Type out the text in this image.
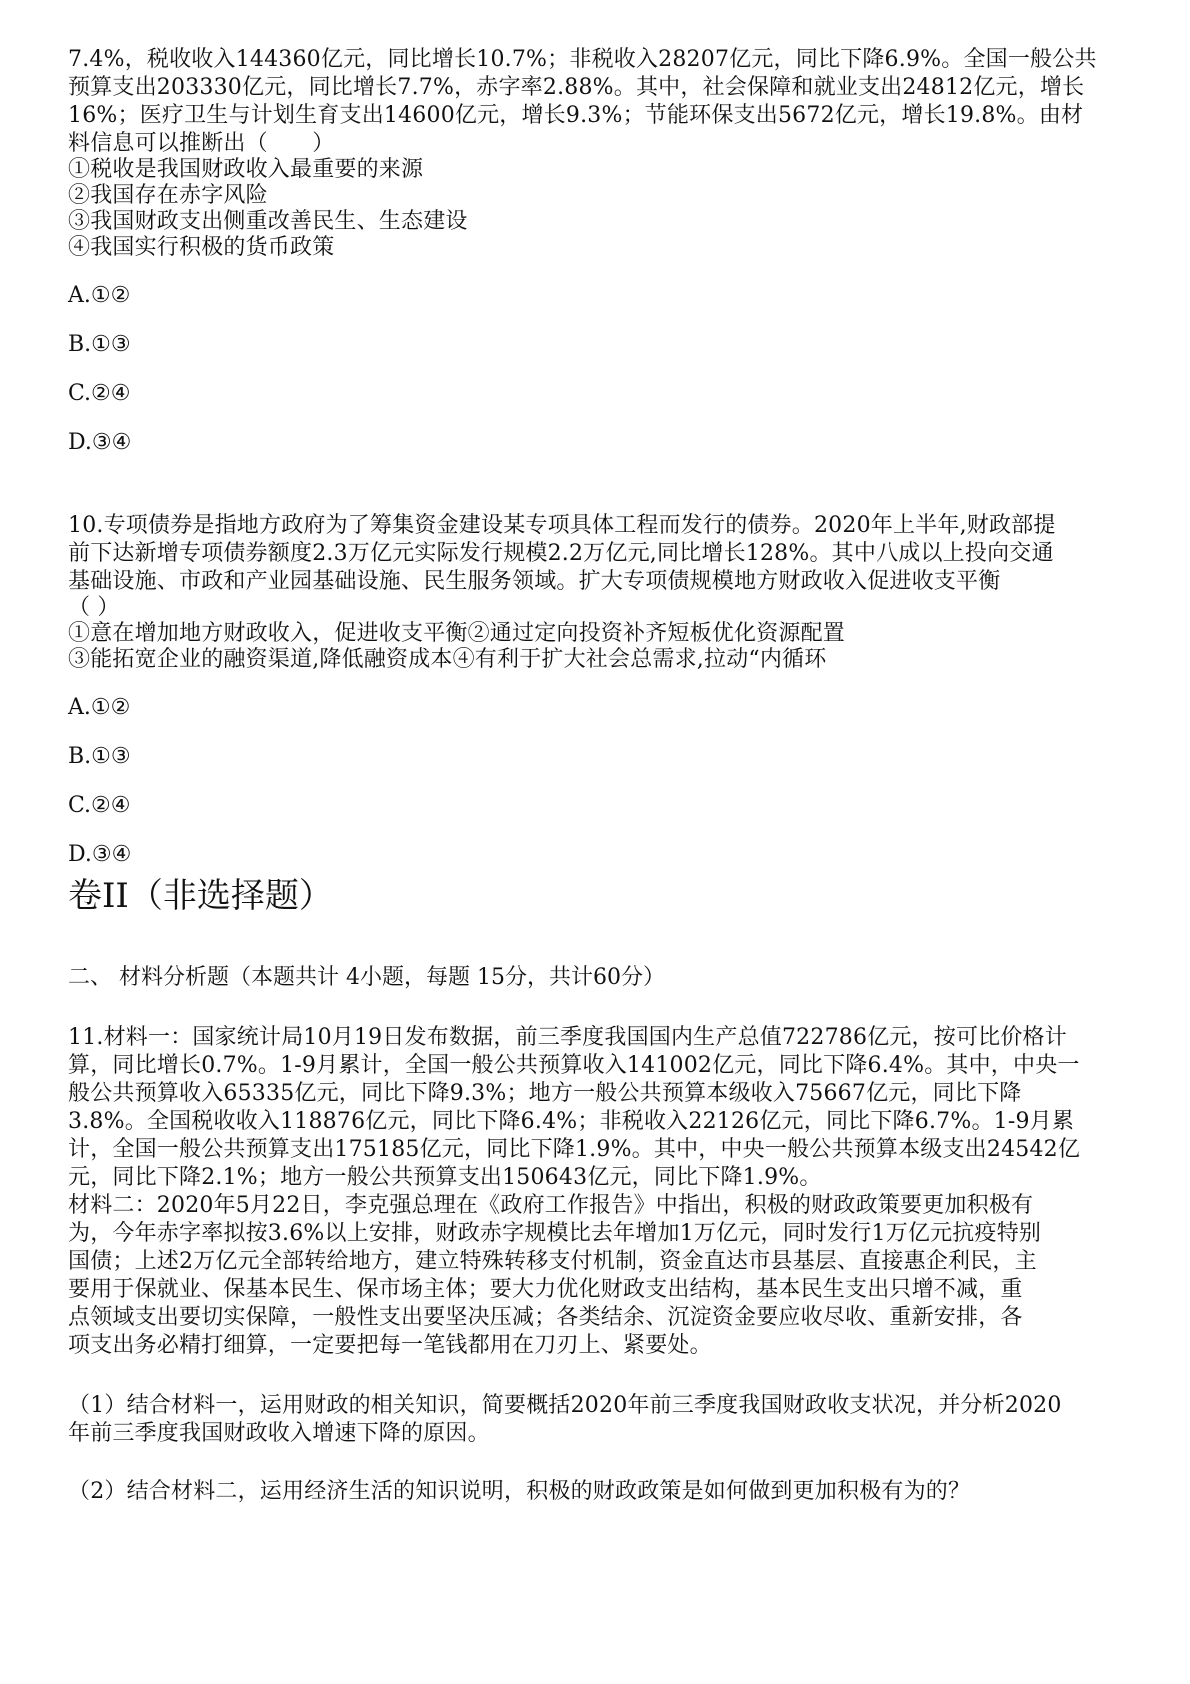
7.4%，税收收入144360亿元，同比增长10.7%；非税收入28207亿元，同比下降6.9%。全国一般公共
预算支出203330亿元，同比增长7.7%，赤字率2.88%。其中，社会保障和就业支出24812亿元，增长
16%；医疗卫生与计划生育支出14600亿元，增长9.3%；节能环保支出5672亿元，增长19.8%。由材
料信息可以推断出（　　）
①税收是我国财政收入最重要的来源
②我国存在赤字风险
③我国财政支出侧重改善民生、生态建设
④我国实行积极的货币政策
A.①②
B.①③
C.②④
D.③④
10.专项债券是指地方政府为了筹集资金建设某专项具体工程而发行的债券。2020年上半年,财政部提
前下达新增专项债券额度2.3万亿元实际发行规模2.2万亿元,同比增长128%。其中八成以上投向交通
基础设施、市政和产业园基础设施、民生服务领域。扩大专项债规模地方财政收入促进收支平衡
（ ）
①意在增加地方财政收入，促进收支平衡②通过定向投资补齐短板优化资源配置
③能拓宽企业的融资渠道,降低融资成本④有利于扩大社会总需求,拉动“内循环
A.①②
B.①③
C.②④
D.③④
卷II（非选择题）
二、 材料分析题（本题共计 4小题，每题 15分，共计60分）
11.材料一：国家统计局10月19日发布数据，前三季度我国国内生产总值722786亿元，按可比价格计
算，同比增长0.7%。1-9月累计，全国一般公共预算收入141002亿元，同比下降6.4%。其中，中央一
般公共预算收入65335亿元，同比下降9.3%；地方一般公共预算本级收入75667亿元，同比下降
3.8%。全国税收收入118876亿元，同比下降6.4%；非税收入22126亿元，同比下降6.7%。1-9月累
计，全国一般公共预算支出175185亿元，同比下降1.9%。其中，中央一般公共预算本级支出24542亿
元，同比下降2.1%；地方一般公共预算支出150643亿元，同比下降1.9%。
材料二：2020年5月22日，李克强总理在《政府工作报告》中指出，积极的财政政策要更加积极有
为，今年赤字率拟按3.6%以上安排，财政赤字规模比去年增加1万亿元，同时发行1万亿元抗疫特别
国债；上述2万亿元全部转给地方，建立特殊转移支付机制，资金直达市县基层、直接惠企利民，主
要用于保就业、保基本民生、保市场主体；要大力优化财政支出结构，基本民生支出只增不减，重
点领域支出要切实保障，一般性支出要坚决压减；各类结余、沉淀资金要应收尽收、重新安排，各
项支出务必精打细算，一定要把每一笔钱都用在刀刃上、紧要处。
（1）结合材料一，运用财政的相关知识，简要概括2020年前三季度我国财政收支状况，并分析2020
年前三季度我国财政收入增速下降的原因。
（2）结合材料二，运用经济生活的知识说明，积极的财政政策是如何做到更加积极有为的？
